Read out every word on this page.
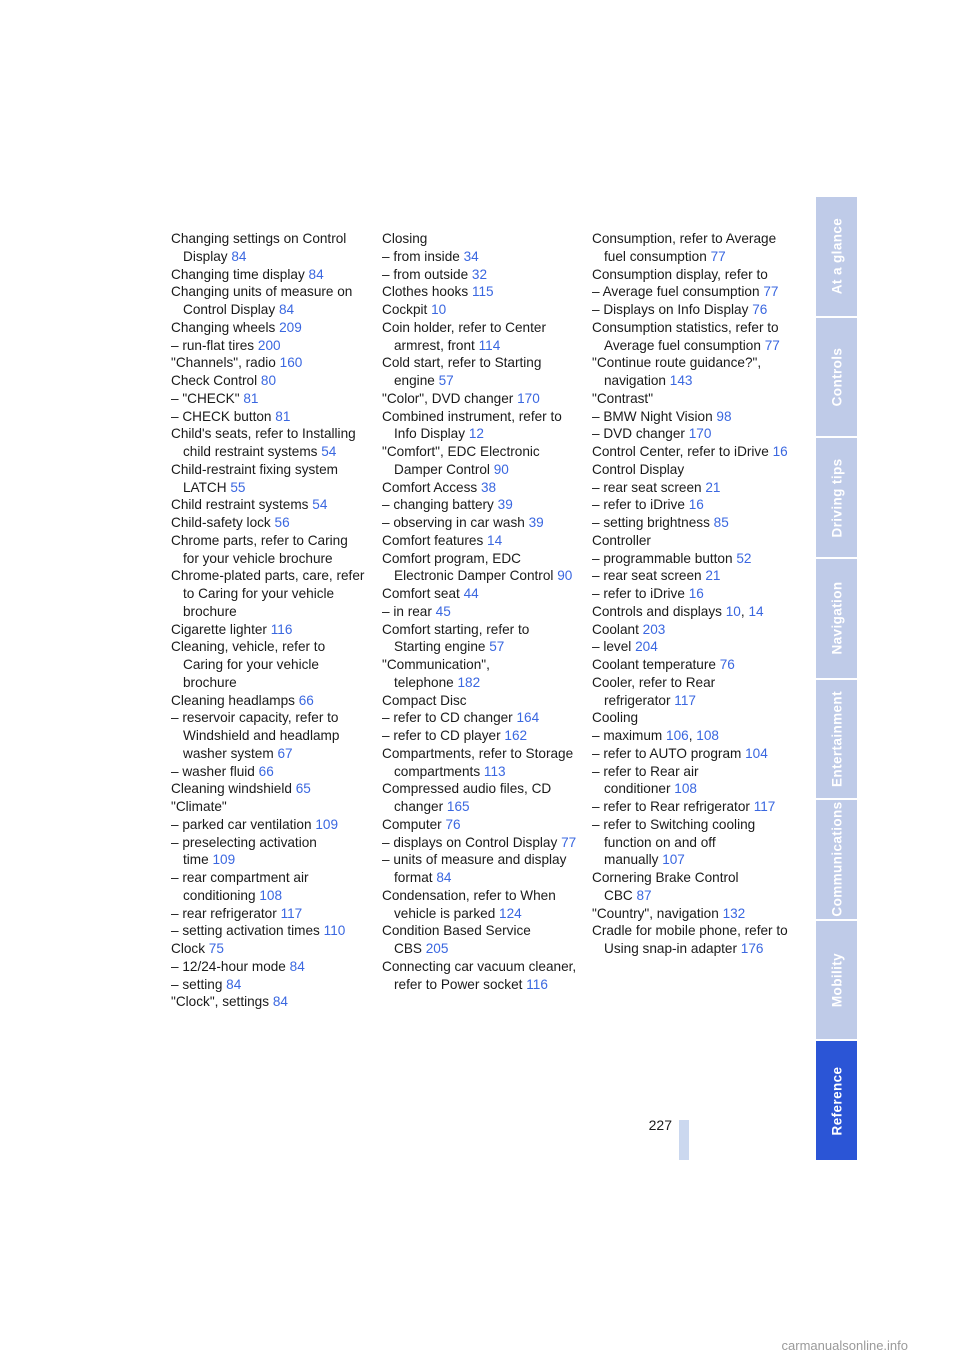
Changing settings on Control Display 84

Changing time display 84

Changing units of measure on Control Display 84

Changing wheels 209

– run-flat tires 200

"Channels", radio 160

Check Control 80

– "CHECK" 81

– CHECK button 81

Child's seats, refer to Installing child restraint systems 54

Child-restraint fixing system LATCH 55

Child restraint systems 54

Child-safety lock 56

Chrome parts, refer to Caring for your vehicle brochure

Chrome-plated parts, care, refer to Caring for your vehicle brochure

Cigarette lighter 116

Cleaning, vehicle, refer to Caring for your vehicle brochure

Cleaning headlamps 66

– reservoir capacity, refer to Windshield and headlamp washer system 67

– washer fluid 66

Cleaning windshield 65

"Climate"

– parked car ventilation 109

– preselecting activation time 109

– rear compartment air conditioning 108

– rear refrigerator 117

– setting activation times 110

Clock 75

– 12/24-hour mode 84

– setting 84

"Clock", settings 84

Closing

– from inside 34

– from outside 32

Clothes hooks 115

Cockpit 10

Coin holder, refer to Center armrest, front 114

Cold start, refer to Starting engine 57

"Color", DVD changer 170

Combined instrument, refer to Info Display 12

"Comfort", EDC Electronic Damper Control 90

Comfort Access 38

– changing battery 39

– observing in car wash 39

Comfort features 14

Comfort program, EDC Electronic Damper Control 90

Comfort seat 44

– in rear 45

Comfort starting, refer to Starting engine 57

"Communication", telephone 182

Compact Disc

– refer to CD changer 164

– refer to CD player 162

Compartments, refer to Storage compartments 113

Compressed audio files, CD changer 165

Computer 76

– displays on Control Display 77

– units of measure and display format 84

Condensation, refer to When vehicle is parked 124

Condition Based Service CBS 205

Connecting car vacuum cleaner, refer to Power socket 116

Consumption, refer to Average fuel consumption 77

Consumption display, refer to

– Average fuel consumption 77

– Displays on Info Display 76

Consumption statistics, refer to Average fuel consumption 77

"Continue route guidance?", navigation 143

"Contrast"

– BMW Night Vision 98

– DVD changer 170

Control Center, refer to iDrive 16

Control Display

– rear seat screen 21

– refer to iDrive 16

– setting brightness 85

Controller

– programmable button 52

– rear seat screen 21

– refer to iDrive 16

Controls and displays 10, 14

Coolant 203

– level 204

Coolant temperature 76

Cooler, refer to Rear refrigerator 117

Cooling

– maximum 106, 108

– refer to AUTO program 104

– refer to Rear air conditioner 108

– refer to Rear refrigerator 117

– refer to Switching cooling function on and off manually 107

Cornering Brake Control CBC 87

"Country", navigation 132

Cradle for mobile phone, refer to Using snap-in adapter 176

At a glance
Controls
Driving tips
Navigation
Entertainment
Communications
Mobility
Reference
227
carmanualsonline.info
